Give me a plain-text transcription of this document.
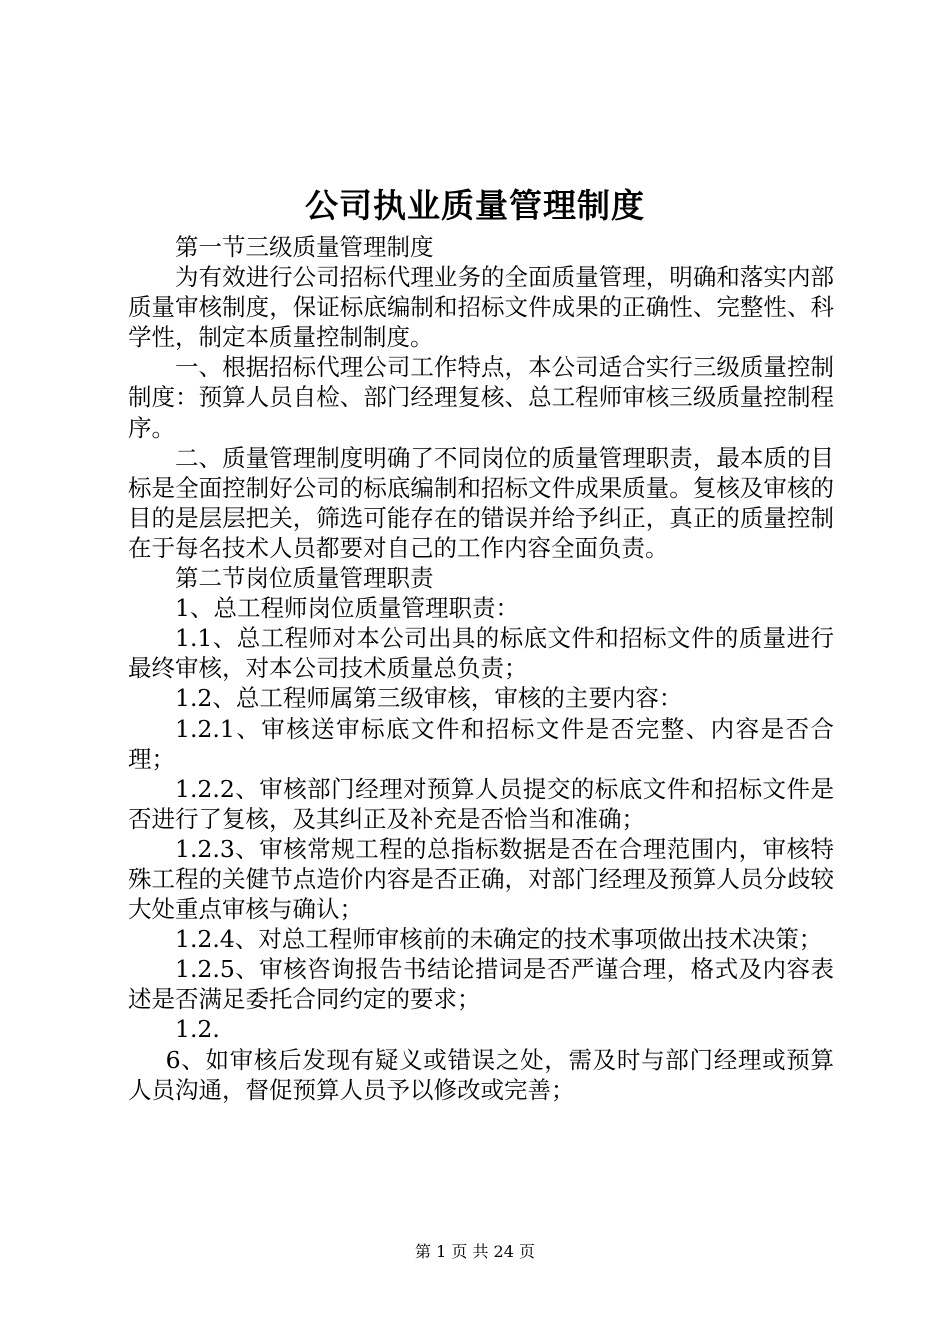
公司执业质量管理制度

第一节三级质量管理制度

为有效进行公司招标代理业务的全面质量管理，明确和落实内部质量审核制度，保证标底编制和招标文件成果的正确性、完整性、科学性，制定本质量控制制度。

一、根据招标代理公司工作特点，本公司适合实行三级质量控制制度：预算人员自检、部门经理复核、总工程师审核三级质量控制程序。

二、质量管理制度明确了不同岗位的质量管理职责，最本质的目标是全面控制好公司的标底编制和招标文件成果质量。复核及审核的目的是层层把关，筛选可能存在的错误并给予纠正，真正的质量控制在于每名技术人员都要对自己的工作内容全面负责。

第二节岗位质量管理职责

1、总工程师岗位质量管理职责：

1.1、总工程师对本公司出具的标底文件和招标文件的质量进行最终审核，对本公司技术质量总负责；

1.2、总工程师属第三级审核，审核的主要内容：

1.2.1、审核送审标底文件和招标文件是否完整、内容是否合理；

1.2.2、审核部门经理对预算人员提交的标底文件和招标文件是否进行了复核，及其纠正及补充是否恰当和准确；

1.2.3、审核常规工程的总指标数据是否在合理范围内，审核特殊工程的关健节点造价内容是否正确，对部门经理及预算人员分歧较大处重点审核与确认；

1.2.4、对总工程师审核前的未确定的技术事项做出技术决策；

1.2.5、审核咨询报告书结论措词是否严谨合理，格式及内容表述是否满足委托合同约定的要求；

1.2.

6、如审核后发现有疑义或错误之处，需及时与部门经理或预算人员沟通，督促预算人员予以修改或完善；

第 1 页 共 24 页
